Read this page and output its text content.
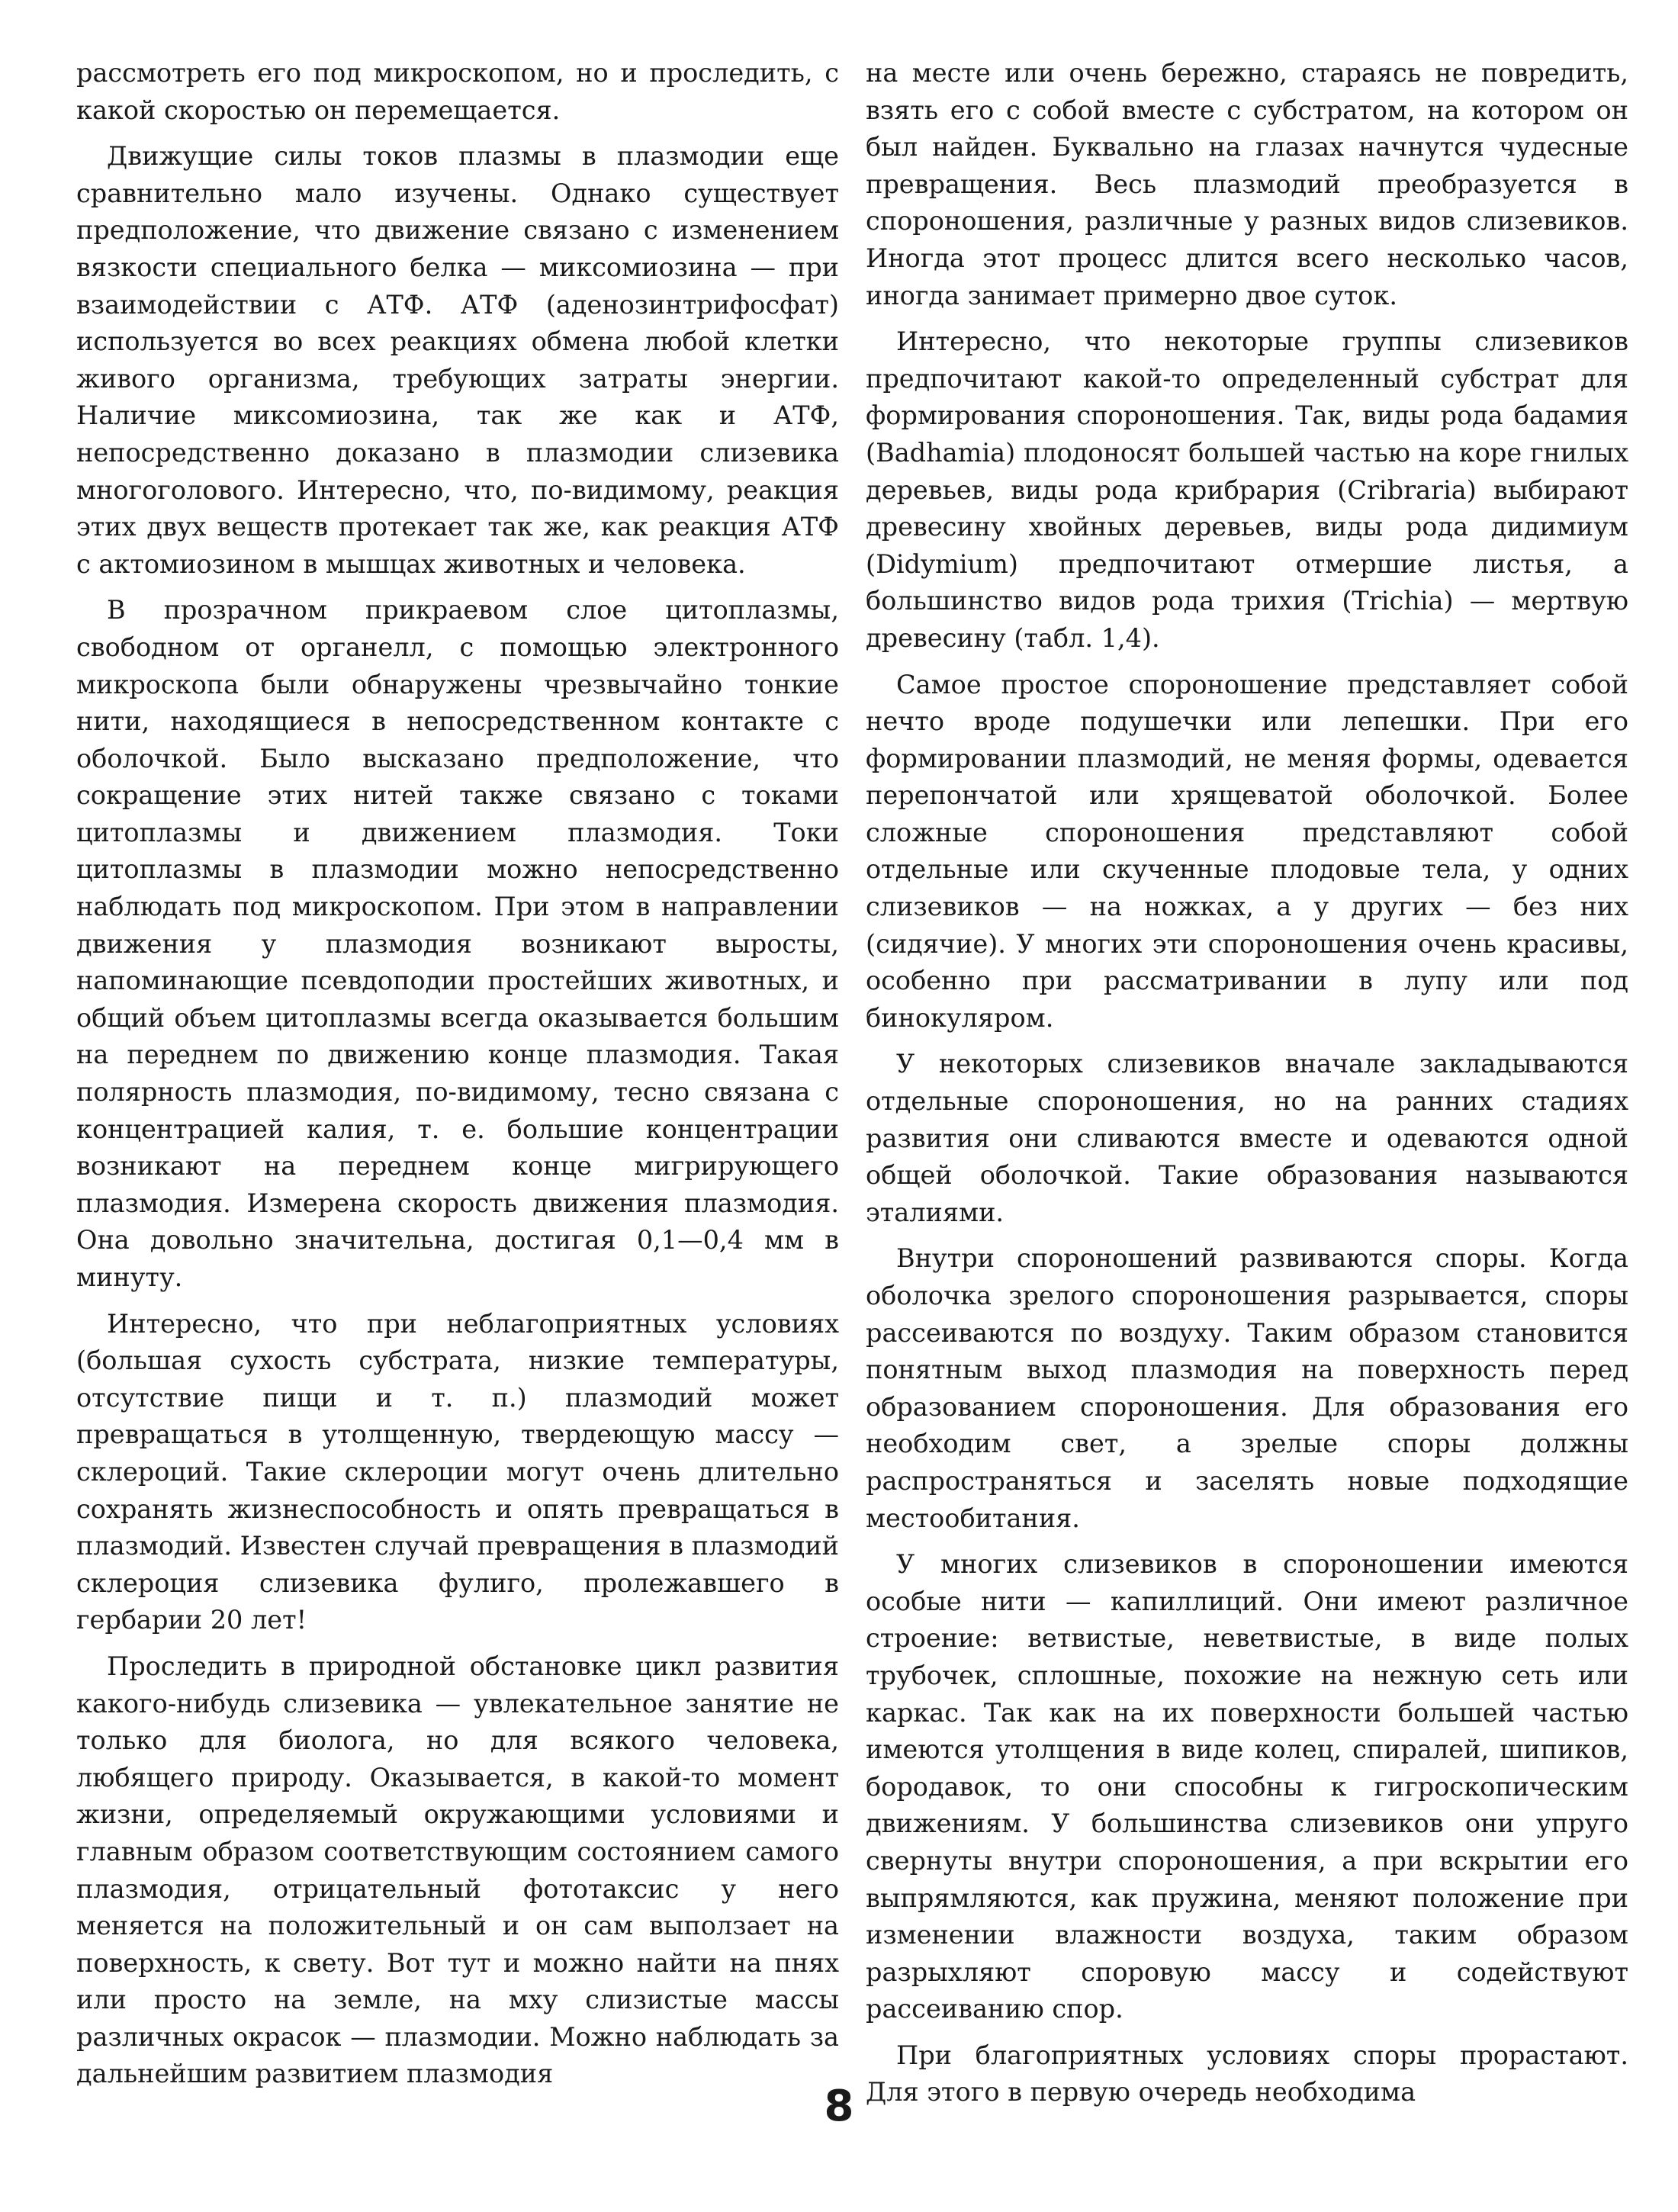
рассмотреть его под микроскопом, но и проследить, с какой скоростью он перемещается.

Движущие силы токов плазмы в плазмодии еще сравнительно мало изучены. Однако существует предположение, что движение связано с изменением вязкости специального белка — миксомиозина — при взаимодействии с АТФ. АТФ (аденозинтрифосфат) используется во всех реакциях обмена любой клетки живого организма, требующих затраты энергии. Наличие миксомиозина, так же как и АТФ, непосредственно доказано в плазмодии слизевика многоголового. Интересно, что, по-видимому, реакция этих двух веществ протекает так же, как реакция АТФ с актомиозином в мышцах животных и человека.

В прозрачном прикраевом слое цитоплазмы, свободном от органелл, с помощью электронного микроскопа были обнаружены чрезвычайно тонкие нити, находящиеся в непосредственном контакте с оболочкой. Было высказано предположение, что сокращение этих нитей также связано с токами цитоплазмы и движением плазмодия. Токи цитоплазмы в плазмодии можно непосредственно наблюдать под микроскопом. При этом в направлении движения у плазмодия возникают выросты, напоминающие псевдоподии простейших животных, и общий объем цитоплазмы всегда оказывается большим на переднем по движению конце плазмодия. Такая полярность плазмодия, по-видимому, тесно связана с концентрацией калия, т. е. большие концентрации возникают на переднем конце мигрирующего плазмодия. Измерена скорость движения плазмодия. Она довольно значительна, достигая 0,1—0,4 мм в минуту.

Интересно, что при неблагоприятных условиях (большая сухость субстрата, низкие температуры, отсутствие пищи и т. п.) плазмодий может превращаться в утолщенную, твердеющую массу — склероций. Такие склероции могут очень длительно сохранять жизнеспособность и опять превращаться в плазмодий. Известен случай превращения в плазмодий склероция слизевика фулиго, пролежавшего в гербарии 20 лет!

Проследить в природной обстановке цикл развития какого-нибудь слизевика — увлекательное занятие не только для биолога, но для всякого человека, любящего природу. Оказывается, в какой-то момент жизни, определяемый окружающими условиями и главным образом соответствующим состоянием самого плазмодия, отрицательный фототаксис у него меняется на положительный и он сам выползает на поверхность, к свету. Вот тут и можно найти на пнях или просто на земле, на мху слизистые массы различных окрасок — плазмодии. Можно наблюдать за дальнейшим развитием плазмодия

на месте или очень бережно, стараясь не повредить, взять его с собой вместе с субстратом, на котором он был найден. Буквально на глазах начнутся чудесные превращения. Весь плазмодий преобразуется в спороношения, различные у разных видов слизевиков. Иногда этот процесс длится всего несколько часов, иногда занимает примерно двое суток.

Интересно, что некоторые группы слизевиков предпочитают какой-то определенный субстрат для формирования спороношения. Так, виды рода бадамия (Badhamia) плодоносят большей частью на коре гнилых деревьев, виды рода крибрария (Cribraria) выбирают древесину хвойных деревьев, виды рода дидимиум (Didymium) предпочитают отмершие листья, а большинство видов рода трихия (Trichia) — мертвую древесину (табл. 1,4).

Самое простое спороношение представляет собой нечто вроде подушечки или лепешки. При его формировании плазмодий, не меняя формы, одевается перепончатой или хрящеватой оболочкой. Более сложные спороношения представляют собой отдельные или скученные плодовые тела, у одних слизевиков — на ножках, а у других — без них (сидячие). У многих эти спороношения очень красивы, особенно при рассматривании в лупу или под бинокуляром.

У некоторых слизевиков вначале закладываются отдельные спороношения, но на ранних стадиях развития они сливаются вместе и одеваются одной общей оболочкой. Такие образования называются эталиями.

Внутри спороношений развиваются споры. Когда оболочка зрелого спороношения разрывается, споры рассеиваются по воздуху. Таким образом становится понятным выход плазмодия на поверхность перед образованием спороношения. Для образования его необходим свет, а зрелые споры должны распространяться и заселять новые подходящие местообитания.

У многих слизевиков в спороношении имеются особые нити — капиллиций. Они имеют различное строение: ветвистые, неветвистые, в виде полых трубочек, сплошные, похожие на нежную сеть или каркас. Так как на их поверхности большей частью имеются утолщения в виде колец, спиралей, шипиков, бородавок, то они способны к гигроскопическим движениям. У большинства слизевиков они упруго свернуты внутри спороношения, а при вскрытии его выпрямляются, как пружина, меняют положение при изменении влажности воздуха, таким образом разрыхляют споровую массу и содействуют рассеиванию спор.

При благоприятных условиях споры прорастают. Для этого в первую очередь необходима

8
